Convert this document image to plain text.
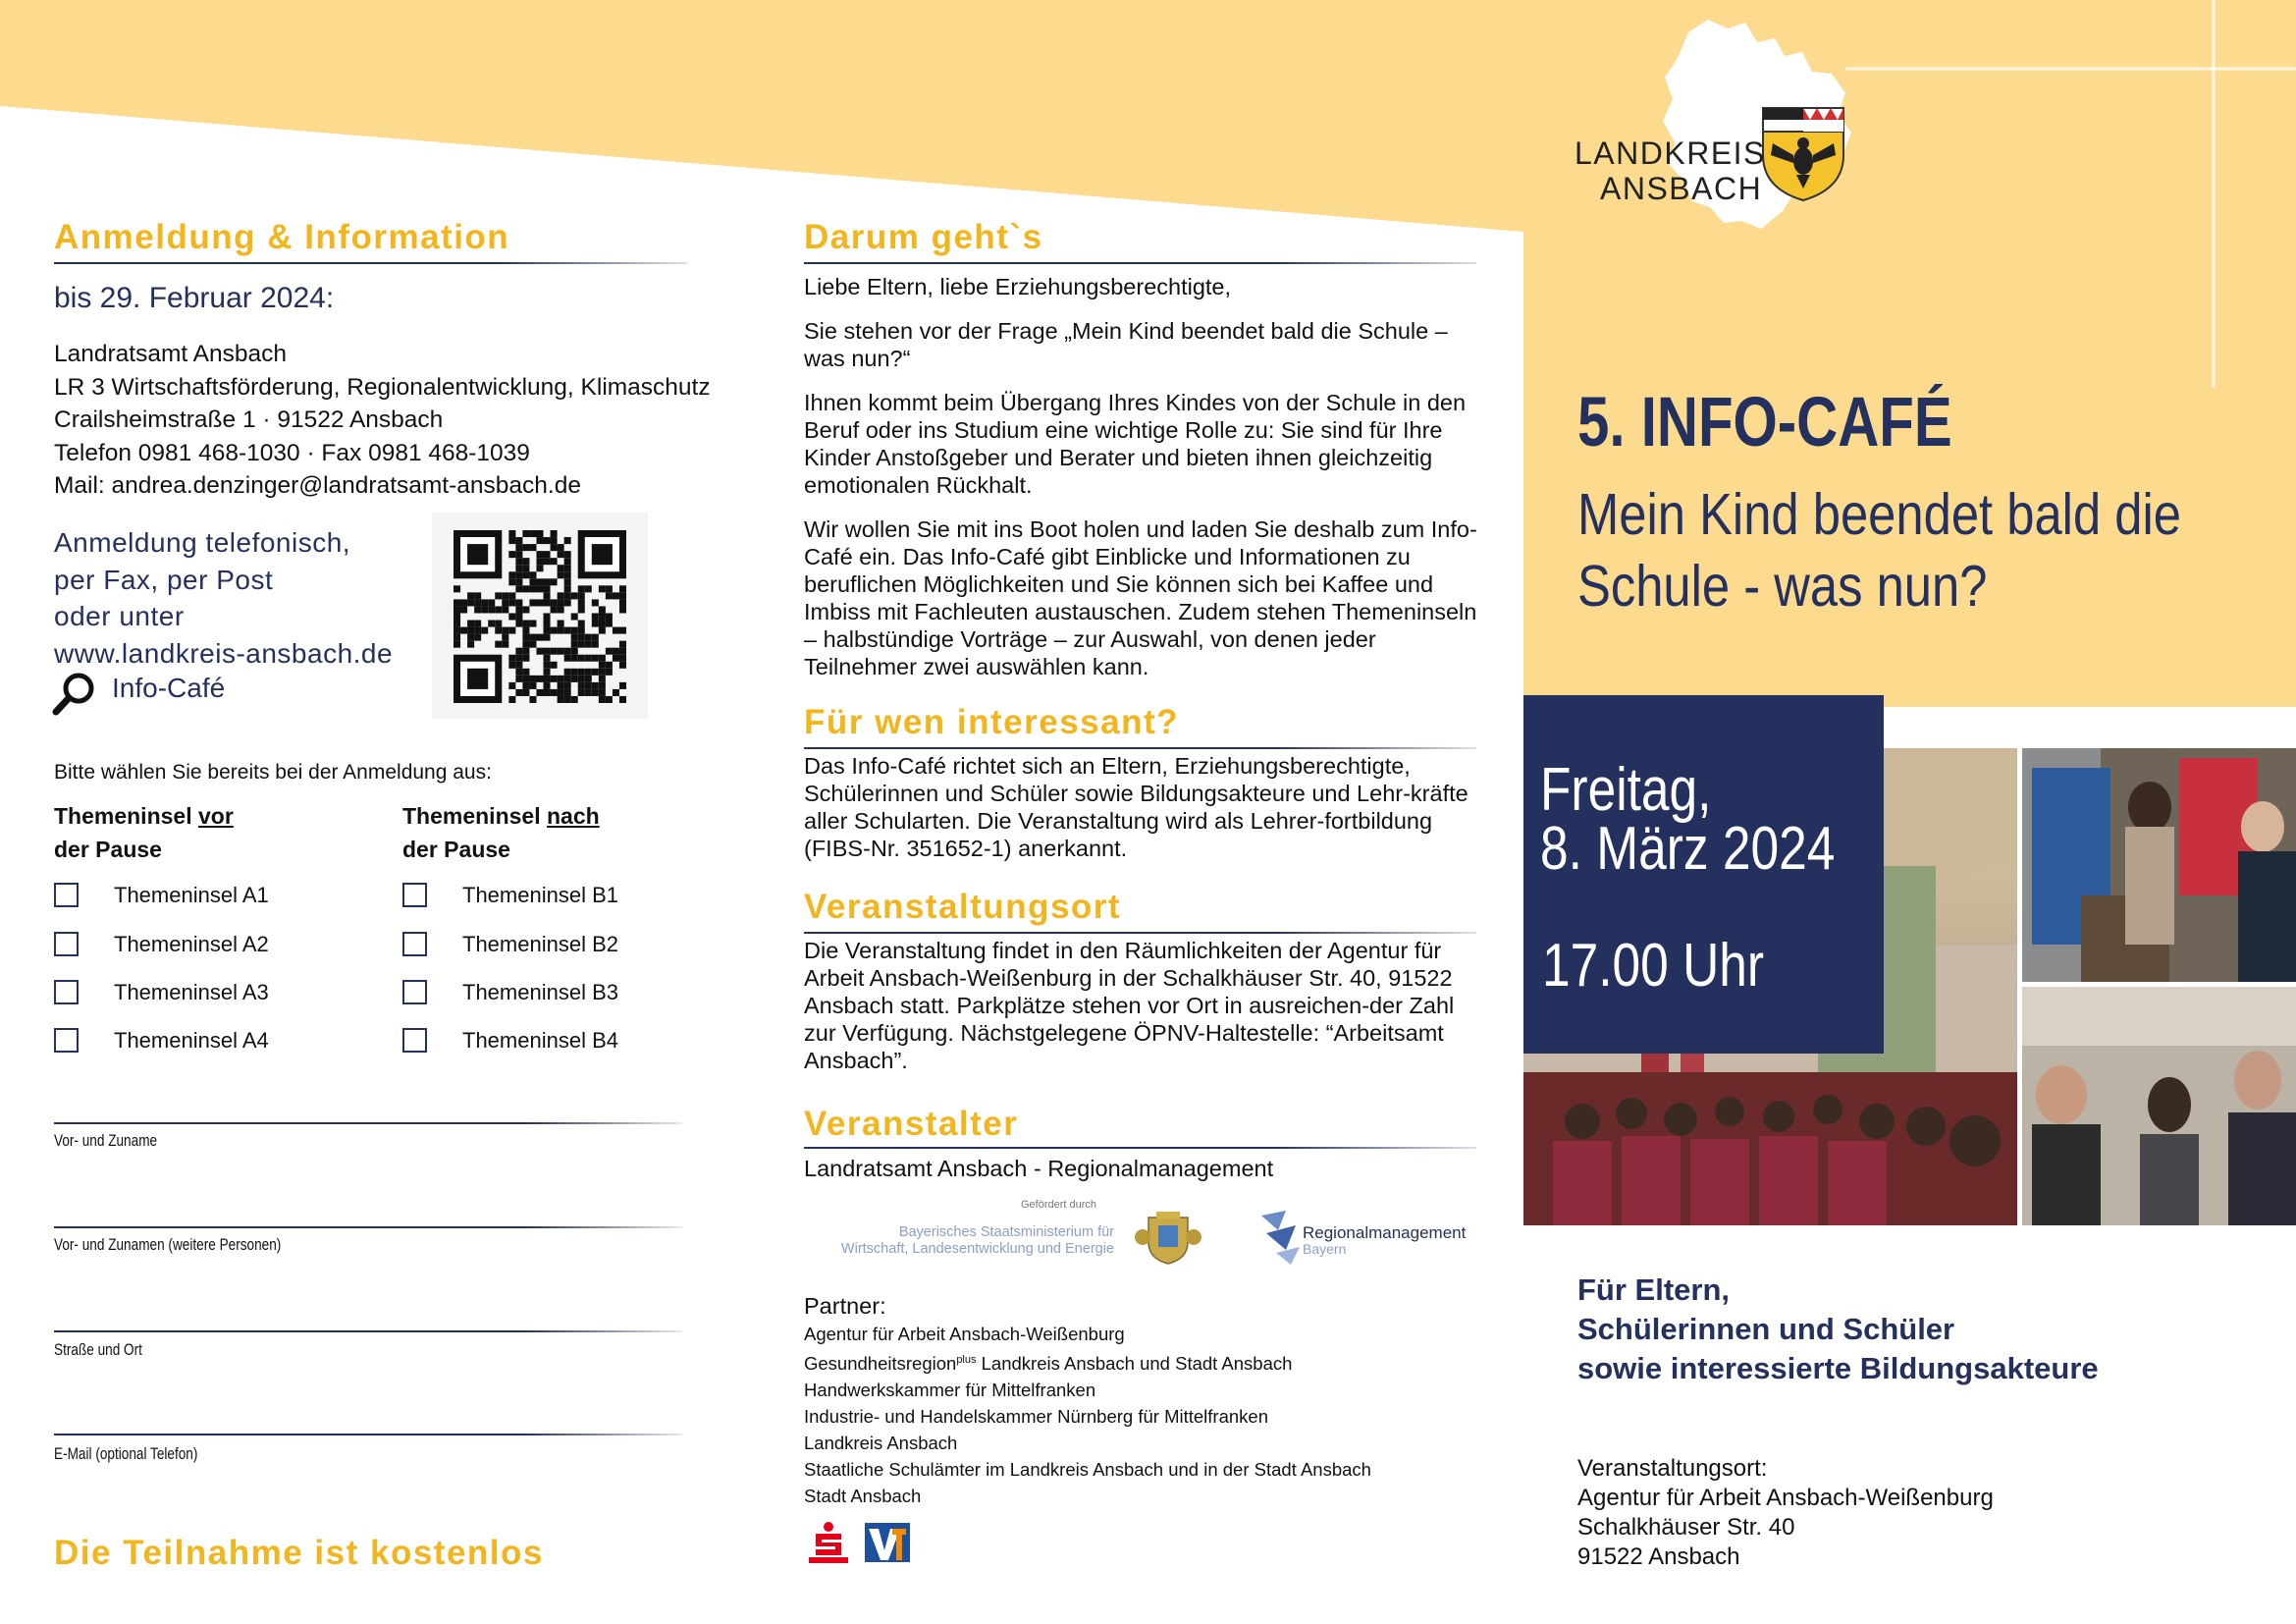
Anmeldung & Information
bis 29. Februar 2024:
Landratsamt Ansbach
LR 3 Wirtschaftsförderung, Regionalentwicklung, Klimaschutz
Crailsheimstraße 1 · 91522 Ansbach
Telefon 0981 468-1030 · Fax 0981 468-1039
Mail: andrea.denzinger@landratsamt-ansbach.de
Anmeldung telefonisch,
per Fax, per Post
oder unter
www.landkreis-ansbach.de
Info-Café
Bitte wählen Sie bereits bei der Anmeldung aus:
Themeninsel vor
der Pause
Themeninsel nach
der Pause
Themeninsel A1
Themeninsel A2
Themeninsel A3
Themeninsel A4
Themeninsel B1
Themeninsel B2
Themeninsel B3
Themeninsel B4
Vor- und Zuname
Vor- und Zunamen (weitere Personen)
Straße und Ort
E-Mail (optional Telefon)
Die Teilnahme ist kostenlos
Darum geht`s

Liebe Eltern, liebe Erziehungsberechtigte,

Sie stehen vor der Frage „Mein Kind beendet bald die Schule – was nun?“

Ihnen kommt beim Übergang Ihres Kindes von der Schule in den Beruf oder ins Studium eine wichtige Rolle zu: Sie sind für Ihre Kinder Anstoßgeber und Berater und bieten ihnen gleichzeitig emotionalen Rückhalt.

Wir wollen Sie mit ins Boot holen und laden Sie deshalb zum Info-Café ein. Das Info-Café gibt Einblicke und Informationen zu beruflichen Möglichkeiten und Sie können sich bei Kaffee und Imbiss mit Fachleuten austauschen. Zudem stehen Themeninseln – halbstündige Vorträge – zur Auswahl, von denen jeder Teilnehmer zwei auswählen kann.

Für wen interessant?

Das Info-Café richtet sich an Eltern, Erziehungsberechtigte, Schülerinnen und Schüler sowie Bildungsakteure und Lehr-kräfte aller Schularten. Die Veranstaltung wird als Lehrer-fortbildung (FIBS-Nr. 351652-1) anerkannt.

Veranstaltungsort

Die Veranstaltung findet in den Räumlichkeiten der Agentur für Arbeit Ansbach-Weißenburg in der Schalkhäuser Str. 40, 91522 Ansbach statt. Parkplätze stehen vor Ort in ausreichen-der Zahl zur Verfügung. Nächstgelegene ÖPNV-Haltestelle: “Arbeitsamt Ansbach”.

Veranstalter
Landratsamt Ansbach - Regionalmanagement
Gefördert durch
Bayerisches Staatsministerium für
Wirtschaft, Landesentwicklung und Energie
Regionalmanagement
Bayern
Partner:
Agentur für Arbeit Ansbach-Weißenburg
Gesundheitsregion$^{plus}$ Landkreis Ansbach und Stadt Ansbach
Handwerkskammer für Mittelfranken
Industrie- und Handelskammer Nürnberg für Mittelfranken
Landkreis Ansbach
Staatliche Schulämter im Landkreis Ansbach und in der Stadt Ansbach
Stadt Ansbach
LANDKREIS
ANSBACH
5. INFO-CAFÉ
Mein Kind beendet bald die
Schule - was nun?
Freitag,
8. März 2024
17.00 Uhr
Für Eltern,
Schülerinnen und Schüler
sowie interessierte Bildungsakteure
Veranstaltungsort:
Agentur für Arbeit Ansbach-Weißenburg
Schalkhäuser Str. 40
91522 Ansbach
